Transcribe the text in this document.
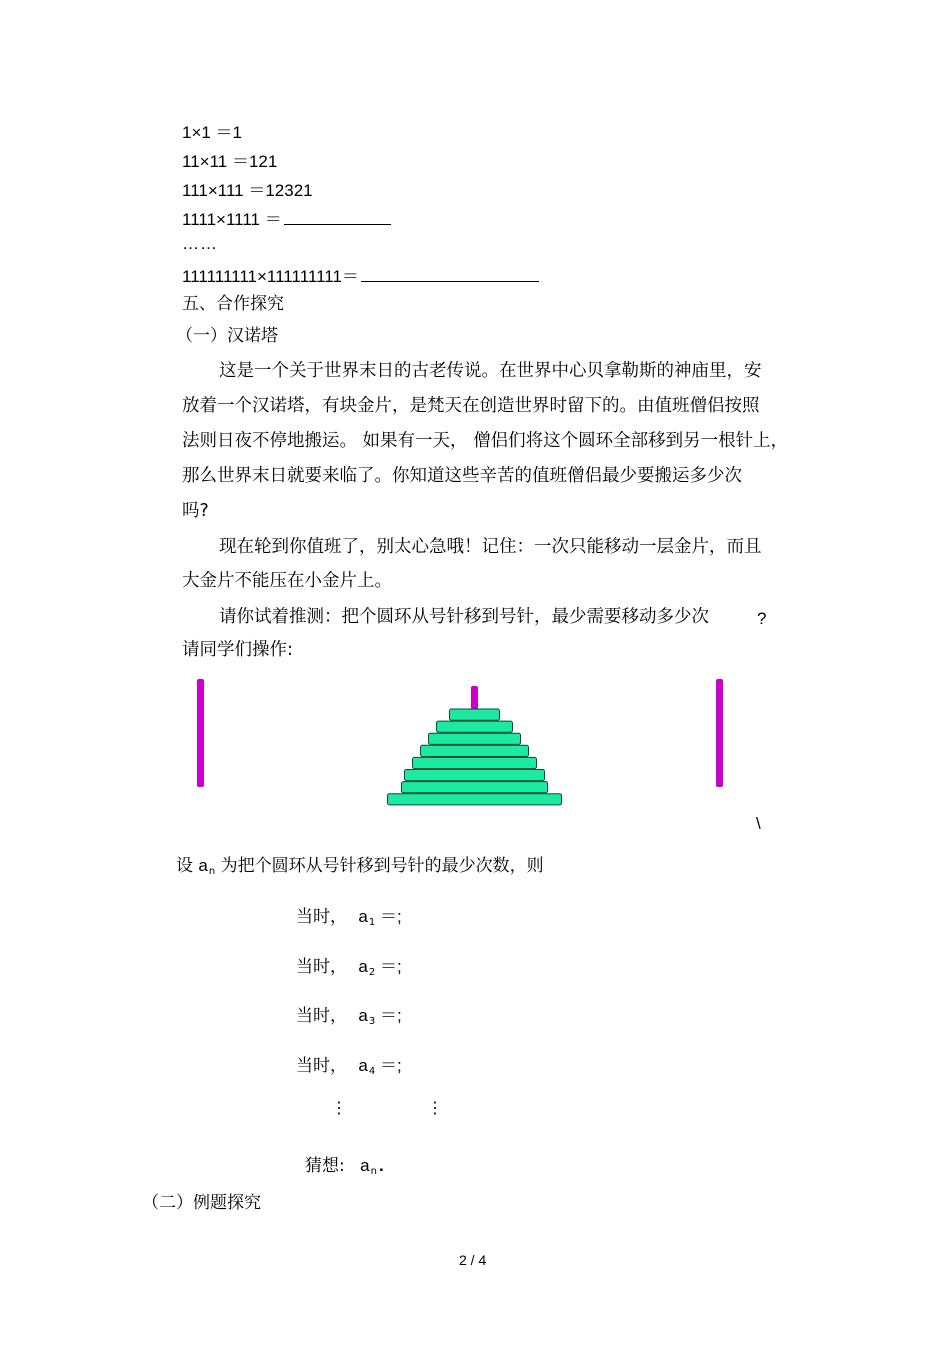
1×1 ＝1
11×11 ＝121
111×111 ＝12321
1111×1111 ＝
……
111111111×111111111＝
五、合作探究
（一）汉诺塔
这是一个关于世界末日的古老传说。在世界中心贝拿勒斯的神庙里，安
放着一个汉诺塔，有块金片，是梵天在创造世界时留下的。由值班僧侣按照
法则日夜不停地搬运。 如果有一天， 僧侣们将这个圆环全部移到另一根针上，
那么世界末日就要来临了。你知道这些辛苦的值班僧侣最少要搬运多少次
吗?
现在轮到你值班了，别太心急哦！记住：一次只能移动一层金片，而且
大金片不能压在小金片上。
请你试着推测：把个圆环从号针移到号针，最少需要移动多少次	?
请同学们操作:
\
设 $a_n$ 为把个圆环从号针移到号针的最少次数，则
当时， $a_1$ ＝;
当时， $a_2$ ＝;
当时， $a_3$ ＝;
当时， $a_4$ ＝;
⋮	⋮
猜想: $a_n$ .
（二）例题探究
2 / 4
